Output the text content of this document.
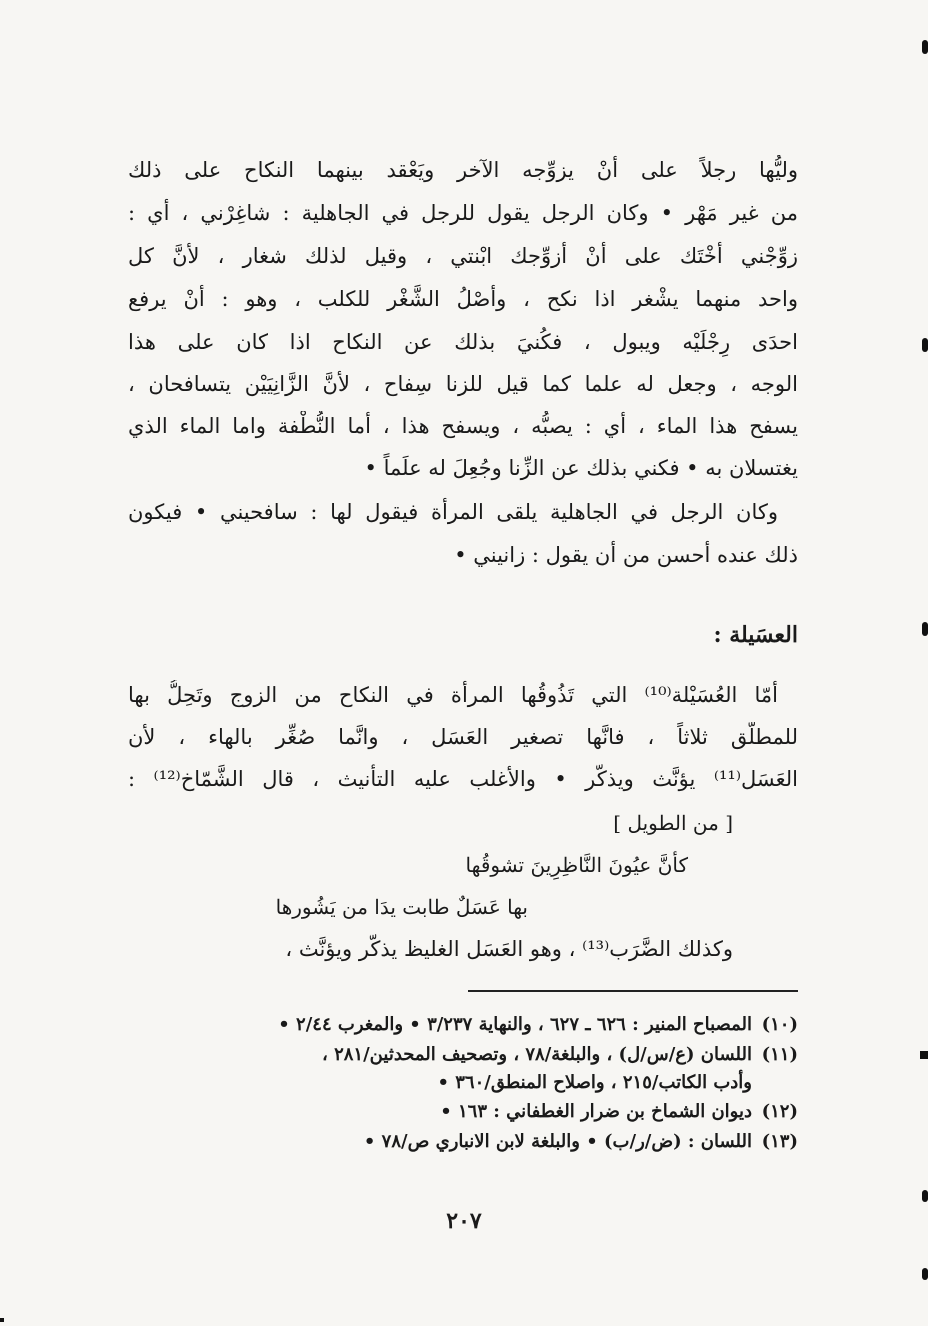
وليُّها رجلاً على أنْ يزوِّجه الآخر ويَعْقد بينهما النكاح على ذلك
من غير مَهْر • وكان الرجل يقول للرجل في الجاهلية : شاغِرْني ، أي :
زوِّجْني أخْتَك على أنْ أزوِّجك ابْنتي ، وقيل لذلك شغار ، لأنَّ كل
واحد منهما يشْغر اذا نكح ، وأصْلُ الشَّغْر للكلب ، وهو : أنْ يرفع
احدَى رِجْلَيْه ويبول ، فكُنيَ بذلك عن النكاح اذا كان على هذا
الوجه ، وجعل له علما كما قيل للزنا سِفاح ، لأنَّ الزَّانِيَيْن يتسافحان ،
يسفح هذا الماء ، أي : يصبُّه ، ويسفح هذا ، أما النُّطْفة واما الماء الذي
يغتسلان به • فكني بذلك عن الزِّنا وجُعِلَ له علَماً •
وكان الرجل في الجاهلية يلقى المرأة فيقول لها : سافحيني • فيكون
ذلك عنده أحسن من أن يقول : زانيني •
العسَيلة :
أمّا العُسَيْلة⁽¹⁰⁾ التي تَذُوقُها المرأة في النكاح من الزوج وتَحِلُّ بها
للمطلّق ثلاثاً ، فانَّها تصغير العَسَل ، وانَّما صُغِّر بالهاء ، لأن
العَسَل⁽¹¹⁾ يؤنَّث ويذكَّر • والأغلب عليه التأنيث ، قال الشَّمّاخ⁽¹²⁾ :
[ من الطويل ]
كأنَّ عيُونَ النَّاظِرِينَ تشوقُها
بها عَسَلٌ طابت يدَا من يَشُورها
وكذلك الضَّرَب⁽¹³⁾ ، وهو العَسَل الغليظ يذكَّر ويؤنَّث ،
(١٠)المصباح المنير : ٦٢٦ ـ ٦٢٧ ، والنهاية ٣/٢٣٧ • والمغرب ٢/٤٤ •
(١١)اللسان (ع/س/ل) ، والبلغة/٧٨ ، وتصحيف المحدثين/٢٨١ ،
وأدب الكاتب/٢١٥ ، واصلاح المنطق/٣٦٠ •
(١٢)ديوان الشماخ بن ضرار الغطفاني : ١٦٣ •
(١٣)اللسان : (ض/ر/ب) • والبلغة لابن الانباري ص/٧٨ •
٢٠٧
